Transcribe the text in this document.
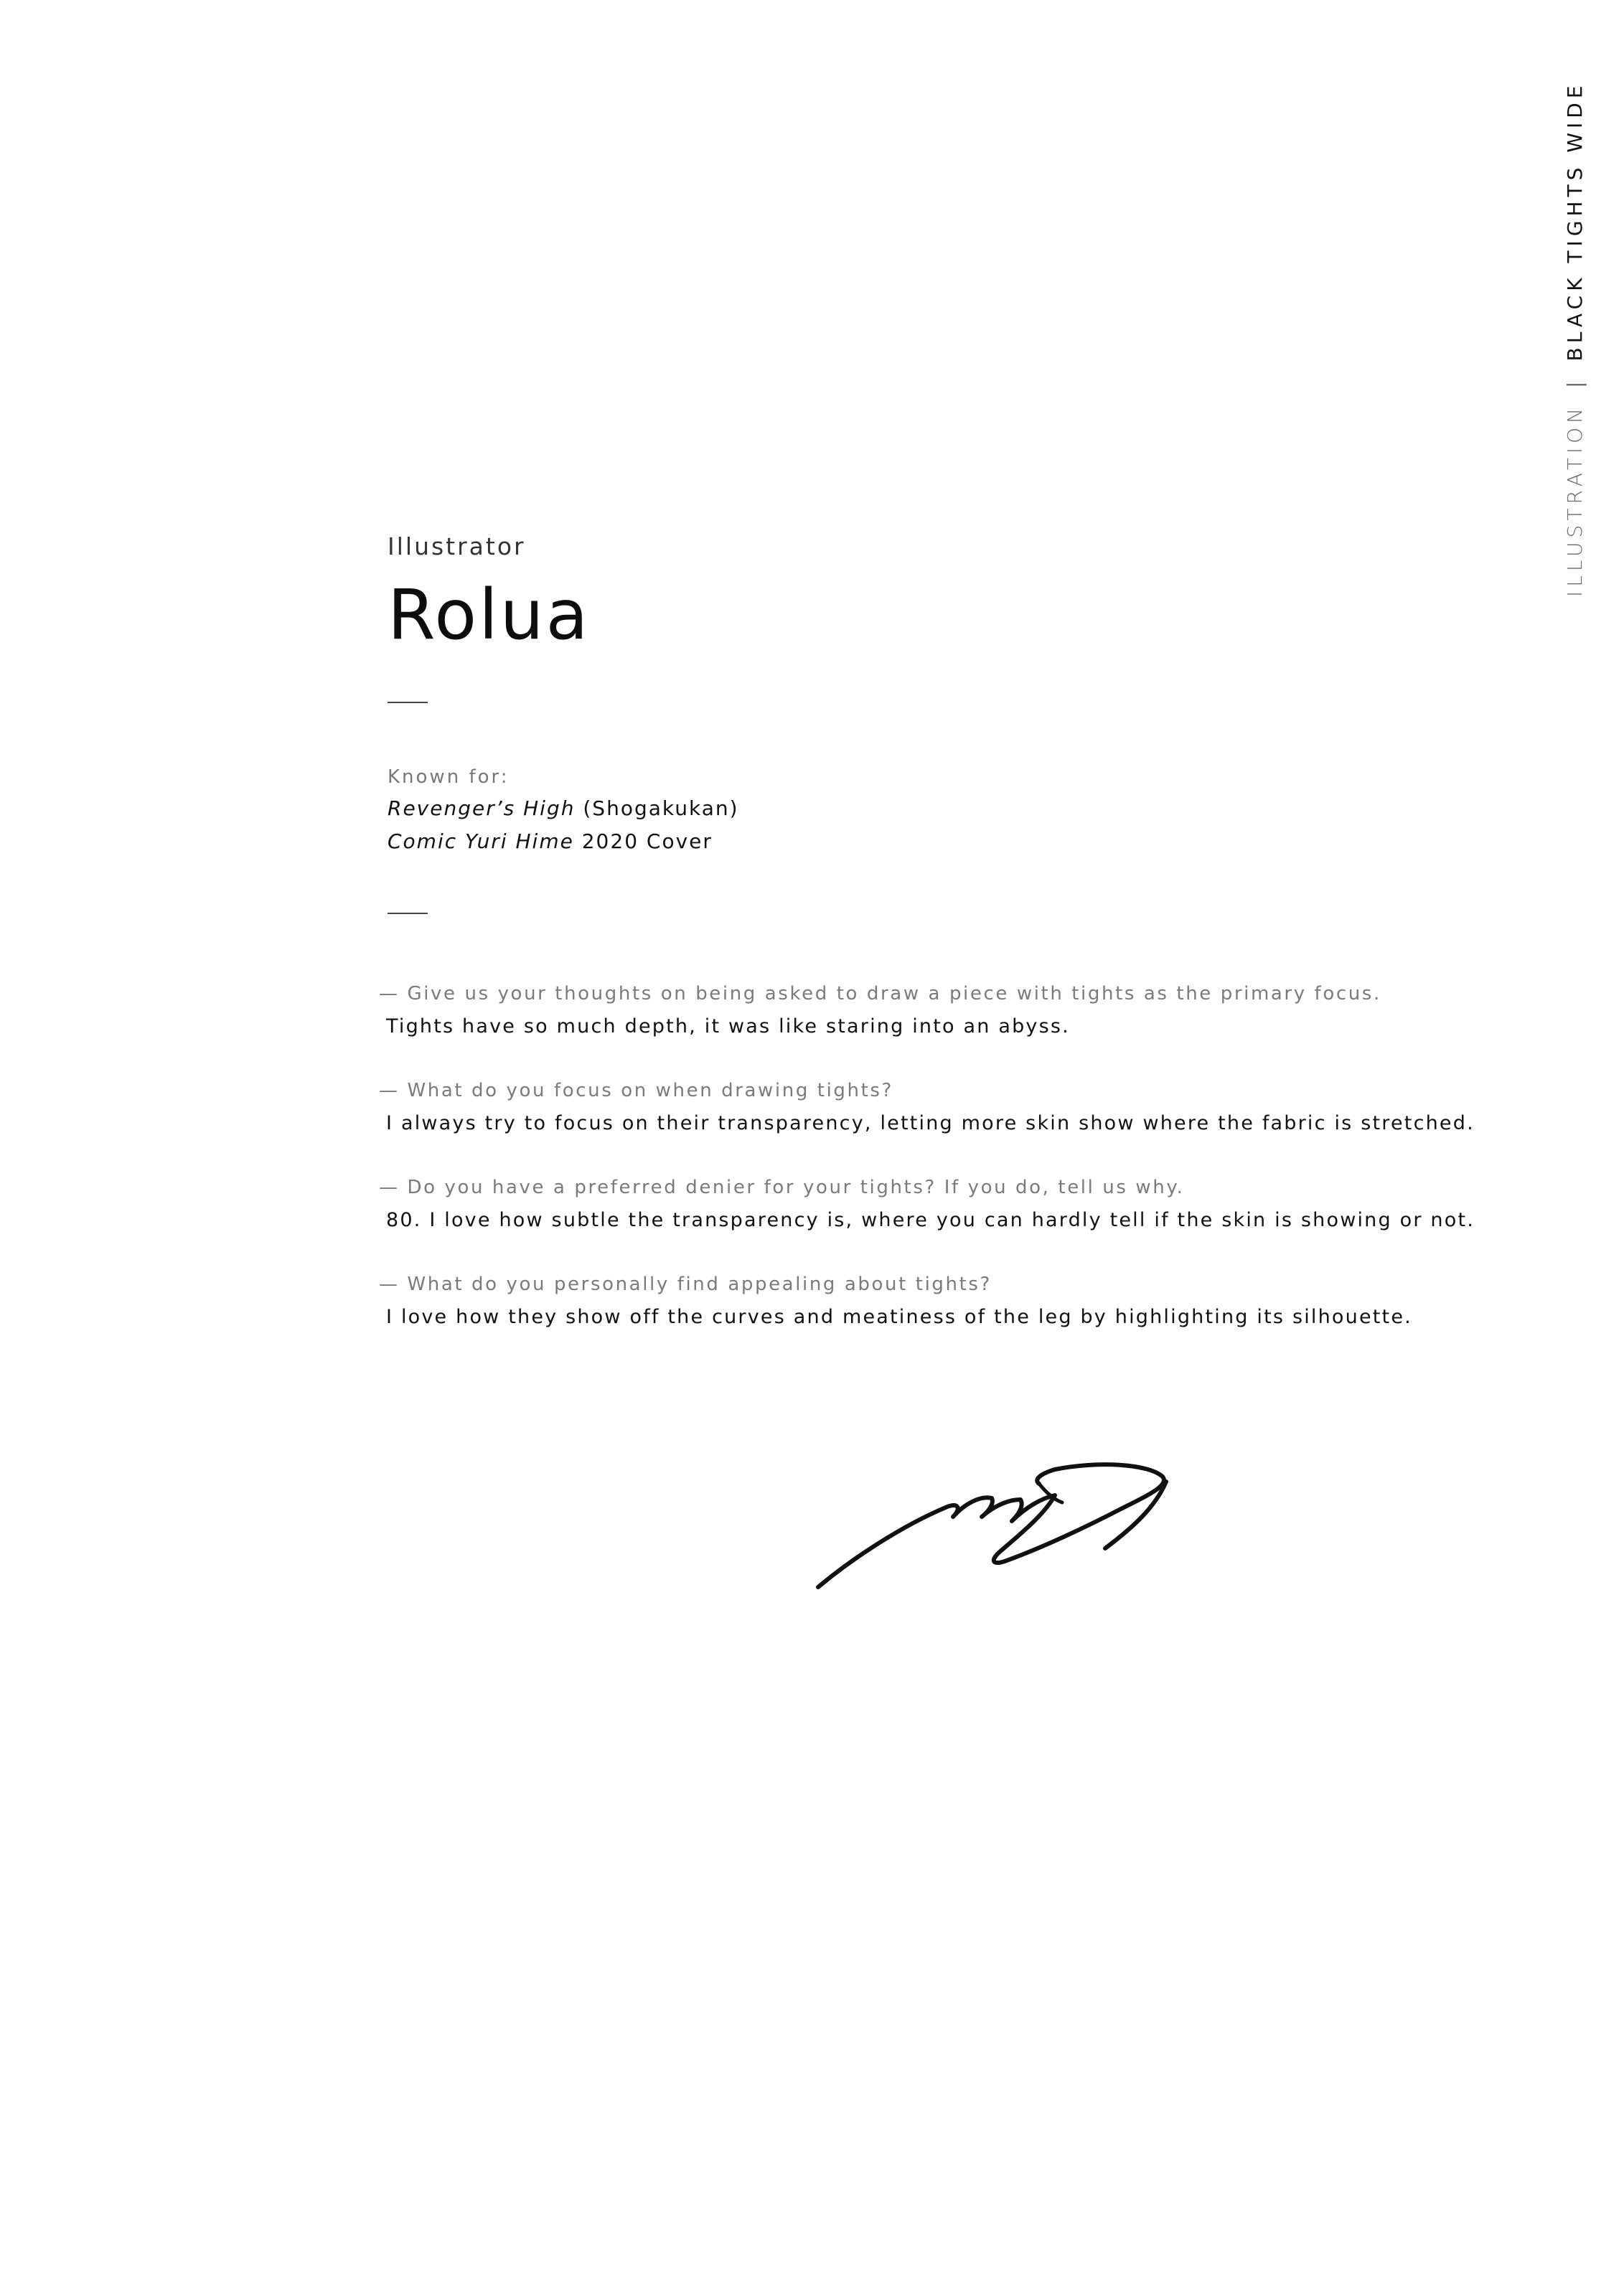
ILLUSTRATION|BLACK TIGHTS WIDE
Illustrator
Rolua
Known for:
Revenger’s High (Shogakukan)
Comic Yuri Hime 2020 Cover
— Give us your thoughts on being asked to draw a piece with tights as the primary focus.
Tights have so much depth, it was like staring into an abyss.
— What do you focus on when drawing tights?
I always try to focus on their transparency, letting more skin show where the fabric is stretched.
— Do you have a preferred denier for your tights? If you do, tell us why.
80. I love how subtle the transparency is, where you can hardly tell if the skin is showing or not.
— What do you personally find appealing about tights?
I love how they show off the curves and meatiness of the leg by highlighting its silhouette.
